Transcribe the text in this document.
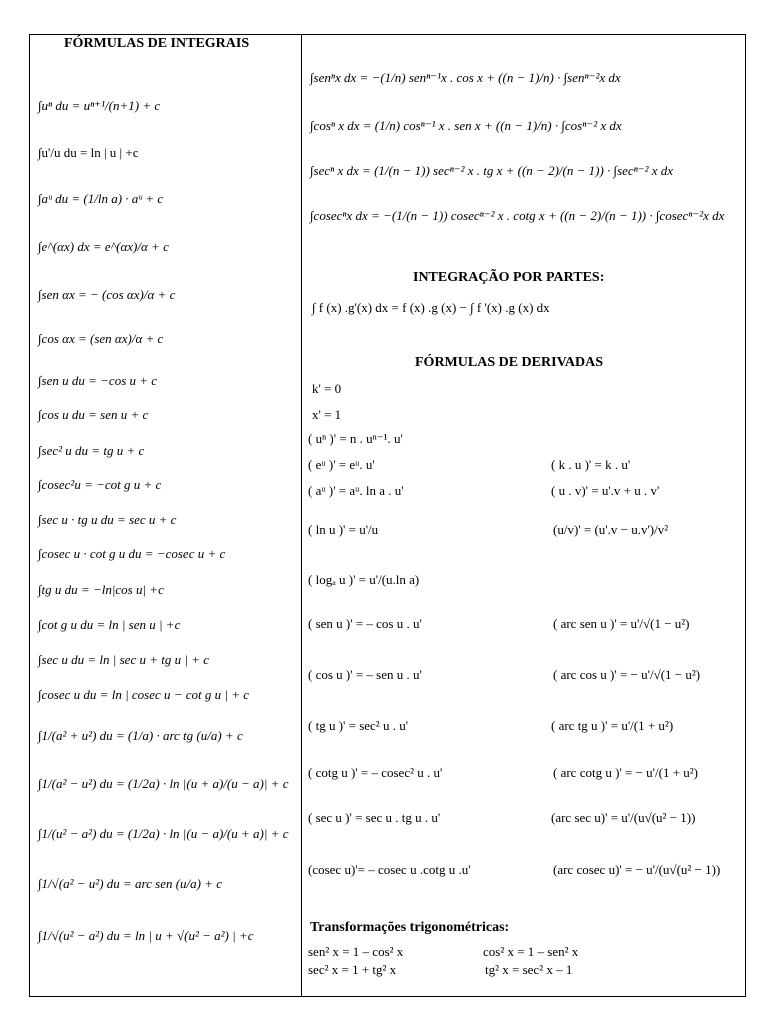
FÓRMULAS DE INTEGRAIS
∫uⁿ du = uⁿ⁺¹/(n+1) + c
∫u'/u du = ln | u | +c
∫aᵘ du = (1/ln a) · aᵘ + c
∫e^(αx) dx = e^(αx)/α + c
∫sen αx = − (cos αx)/α + c
∫cos αx = (sen αx)/α + c
∫sen u du = −cos u + c
∫cos u du = sen u + c
∫sec² u du = tg u + c
∫cosec²u = −cot g u + c
∫sec u · tg u du = sec u + c
∫cosec u · cot g u du = −cosec u + c
∫tg u du = −ln|cos u| +c
∫cot g u du = ln | sen u | +c
∫sec u du = ln | sec u + tg u | + c
∫cosec u du = ln | cosec u − cot g u | + c
∫1/(a² + u²) du = (1/a) · arc tg (u/a) + c
∫1/(a² − u²) du = (1/2a) · ln |(u + a)/(u − a)| + c
∫1/(u² − a²) du = (1/2a) · ln |(u − a)/(u + a)| + c
∫1/√(a² − u²) du = arc sen (u/a) + c
∫1/√(u² − a²) du = ln | u + √(u² − a²) | +c
∫senⁿx dx = −(1/n) senⁿ⁻¹x . cos x + ((n − 1)/n) · ∫senⁿ⁻²x dx
∫cosⁿ x dx = (1/n) cosⁿ⁻¹ x . sen x + ((n − 1)/n) · ∫cosⁿ⁻² x dx
∫secⁿ x dx = (1/(n − 1)) secⁿ⁻² x . tg x + ((n − 2)/(n − 1)) · ∫secⁿ⁻² x dx
∫cosecⁿx dx = −(1/(n − 1)) cosecⁿ⁻² x . cotg x + ((n − 2)/(n − 1)) · ∫cosecⁿ⁻²x dx
INTEGRAÇÃO POR PARTES:
∫ f (x) .g'(x) dx = f (x) .g (x) − ∫ f '(x) .g (x) dx
FÓRMULAS DE DERIVADAS
k' = 0
x' = 1
( uⁿ )' = n . uⁿ⁻¹. u'
( eᵘ )' = eᵘ. u'
( aᵘ )' = aᵘ. ln a . u'
( ln u )' = u'/u
( logₐ u )' = u'/(u.ln a)
( sen u )' = – cos u . u'
( cos u )' = – sen u . u'
( tg u )' = sec² u . u'
( cotg u )' = – cosec² u . u'
( sec u )' = sec u . tg u . u'
(cosec u)'= – cosec u .cotg u .u'
( k . u )' = k . u'
( u . v)' = u'.v + u . v'
(u/v)' = (u'.v − u.v')/v²
( arc sen u )' = u'/√(1 − u²)
( arc cos u )' = − u'/√(1 − u²)
( arc tg u )' = u'/(1 + u²)
( arc cotg u )' = − u'/(1 + u²)
(arc sec u)' = u'/(u√(u² − 1))
(arc cosec u)' = − u'/(u√(u² − 1))
Transformações trigonométricas:
sen² x = 1 – cos² x	cos² x = 1 – sen² x
sec² x = 1 + tg² x	tg² x = sec² x – 1
